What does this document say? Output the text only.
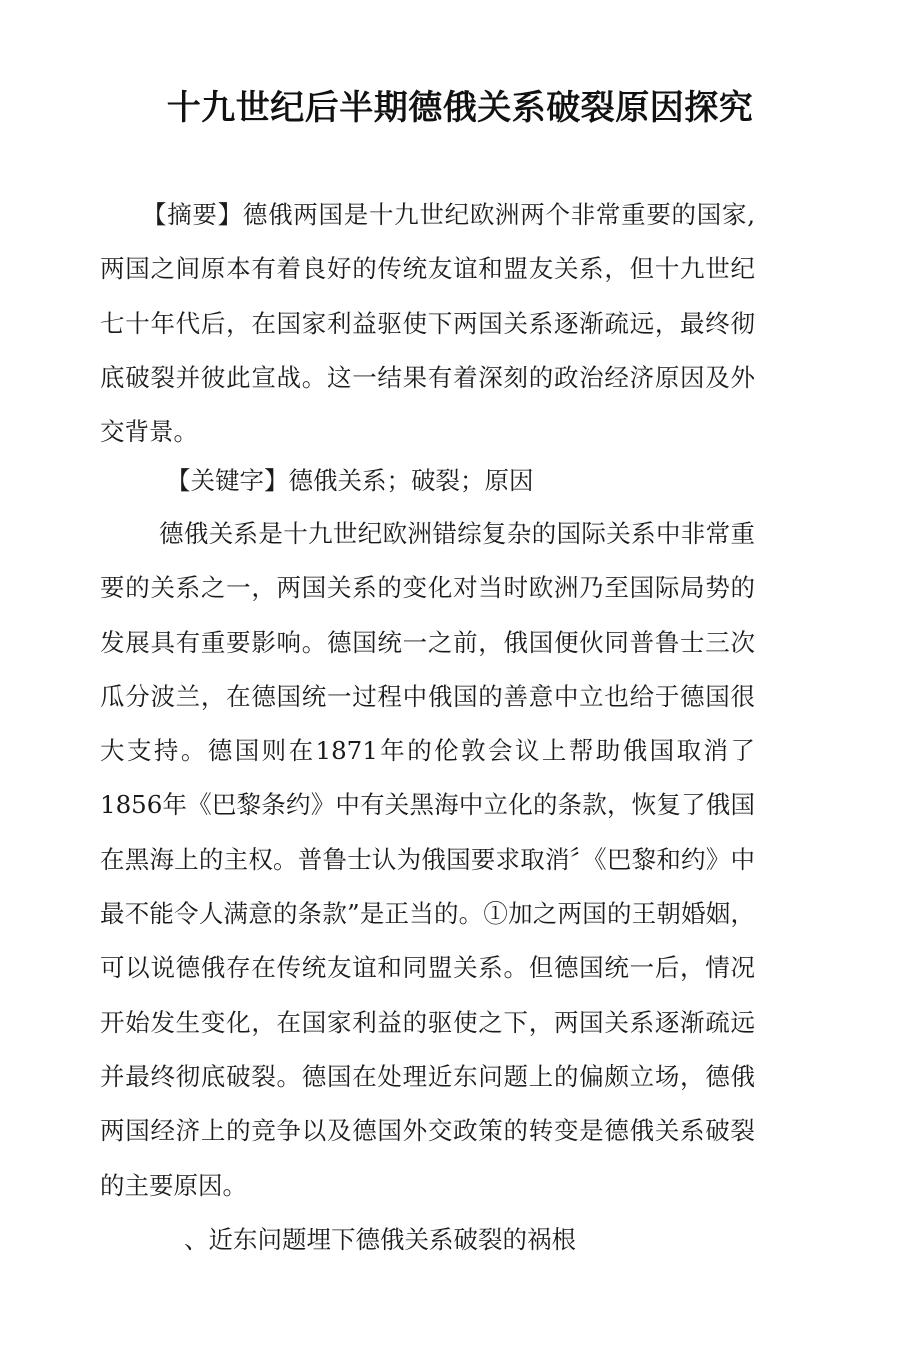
十九世纪后半期德俄关系破裂原因探究
【摘要】德俄两国是十九世纪欧洲两个非常重要的国家,两国之间原本有着良好的传统友谊和盟友关系，但十九世纪七十年代后，在国家利益驱使下两国关系逐渐疏远，最终彻底破裂并彼此宣战。这一结果有着深刻的政治经济原因及外交背景。
【关键字】德俄关系；破裂；原因
德俄关系是十九世纪欧洲错综复杂的国际关系中非常重要的关系之一，两国关系的变化对当时欧洲乃至国际局势的发展具有重要影响。德国统一之前，俄国便伙同普鲁士三次瓜分波兰，在德国统一过程中俄国的善意中立也给于德国很大支持。德国则在1871年的伦敦会议上帮助俄国取消了1856年《巴黎条约》中有关黑海中立化的条款，恢复了俄国在黑海上的主权。普鲁士认为俄国要求取消〞《巴黎和约》中最不能令人满意的条款”是正当的。①加之两国的王朝婚姻，可以说德俄存在传统友谊和同盟关系。但德国统一后，情况开始发生变化，在国家利益的驱使之下，两国关系逐渐疏远并最终彻底破裂。德国在处理近东问题上的偏颇立场，德俄两国经济上的竞争以及德国外交政策的转变是德俄关系破裂的主要原因。
、近东问题埋下德俄关系破裂的祸根
